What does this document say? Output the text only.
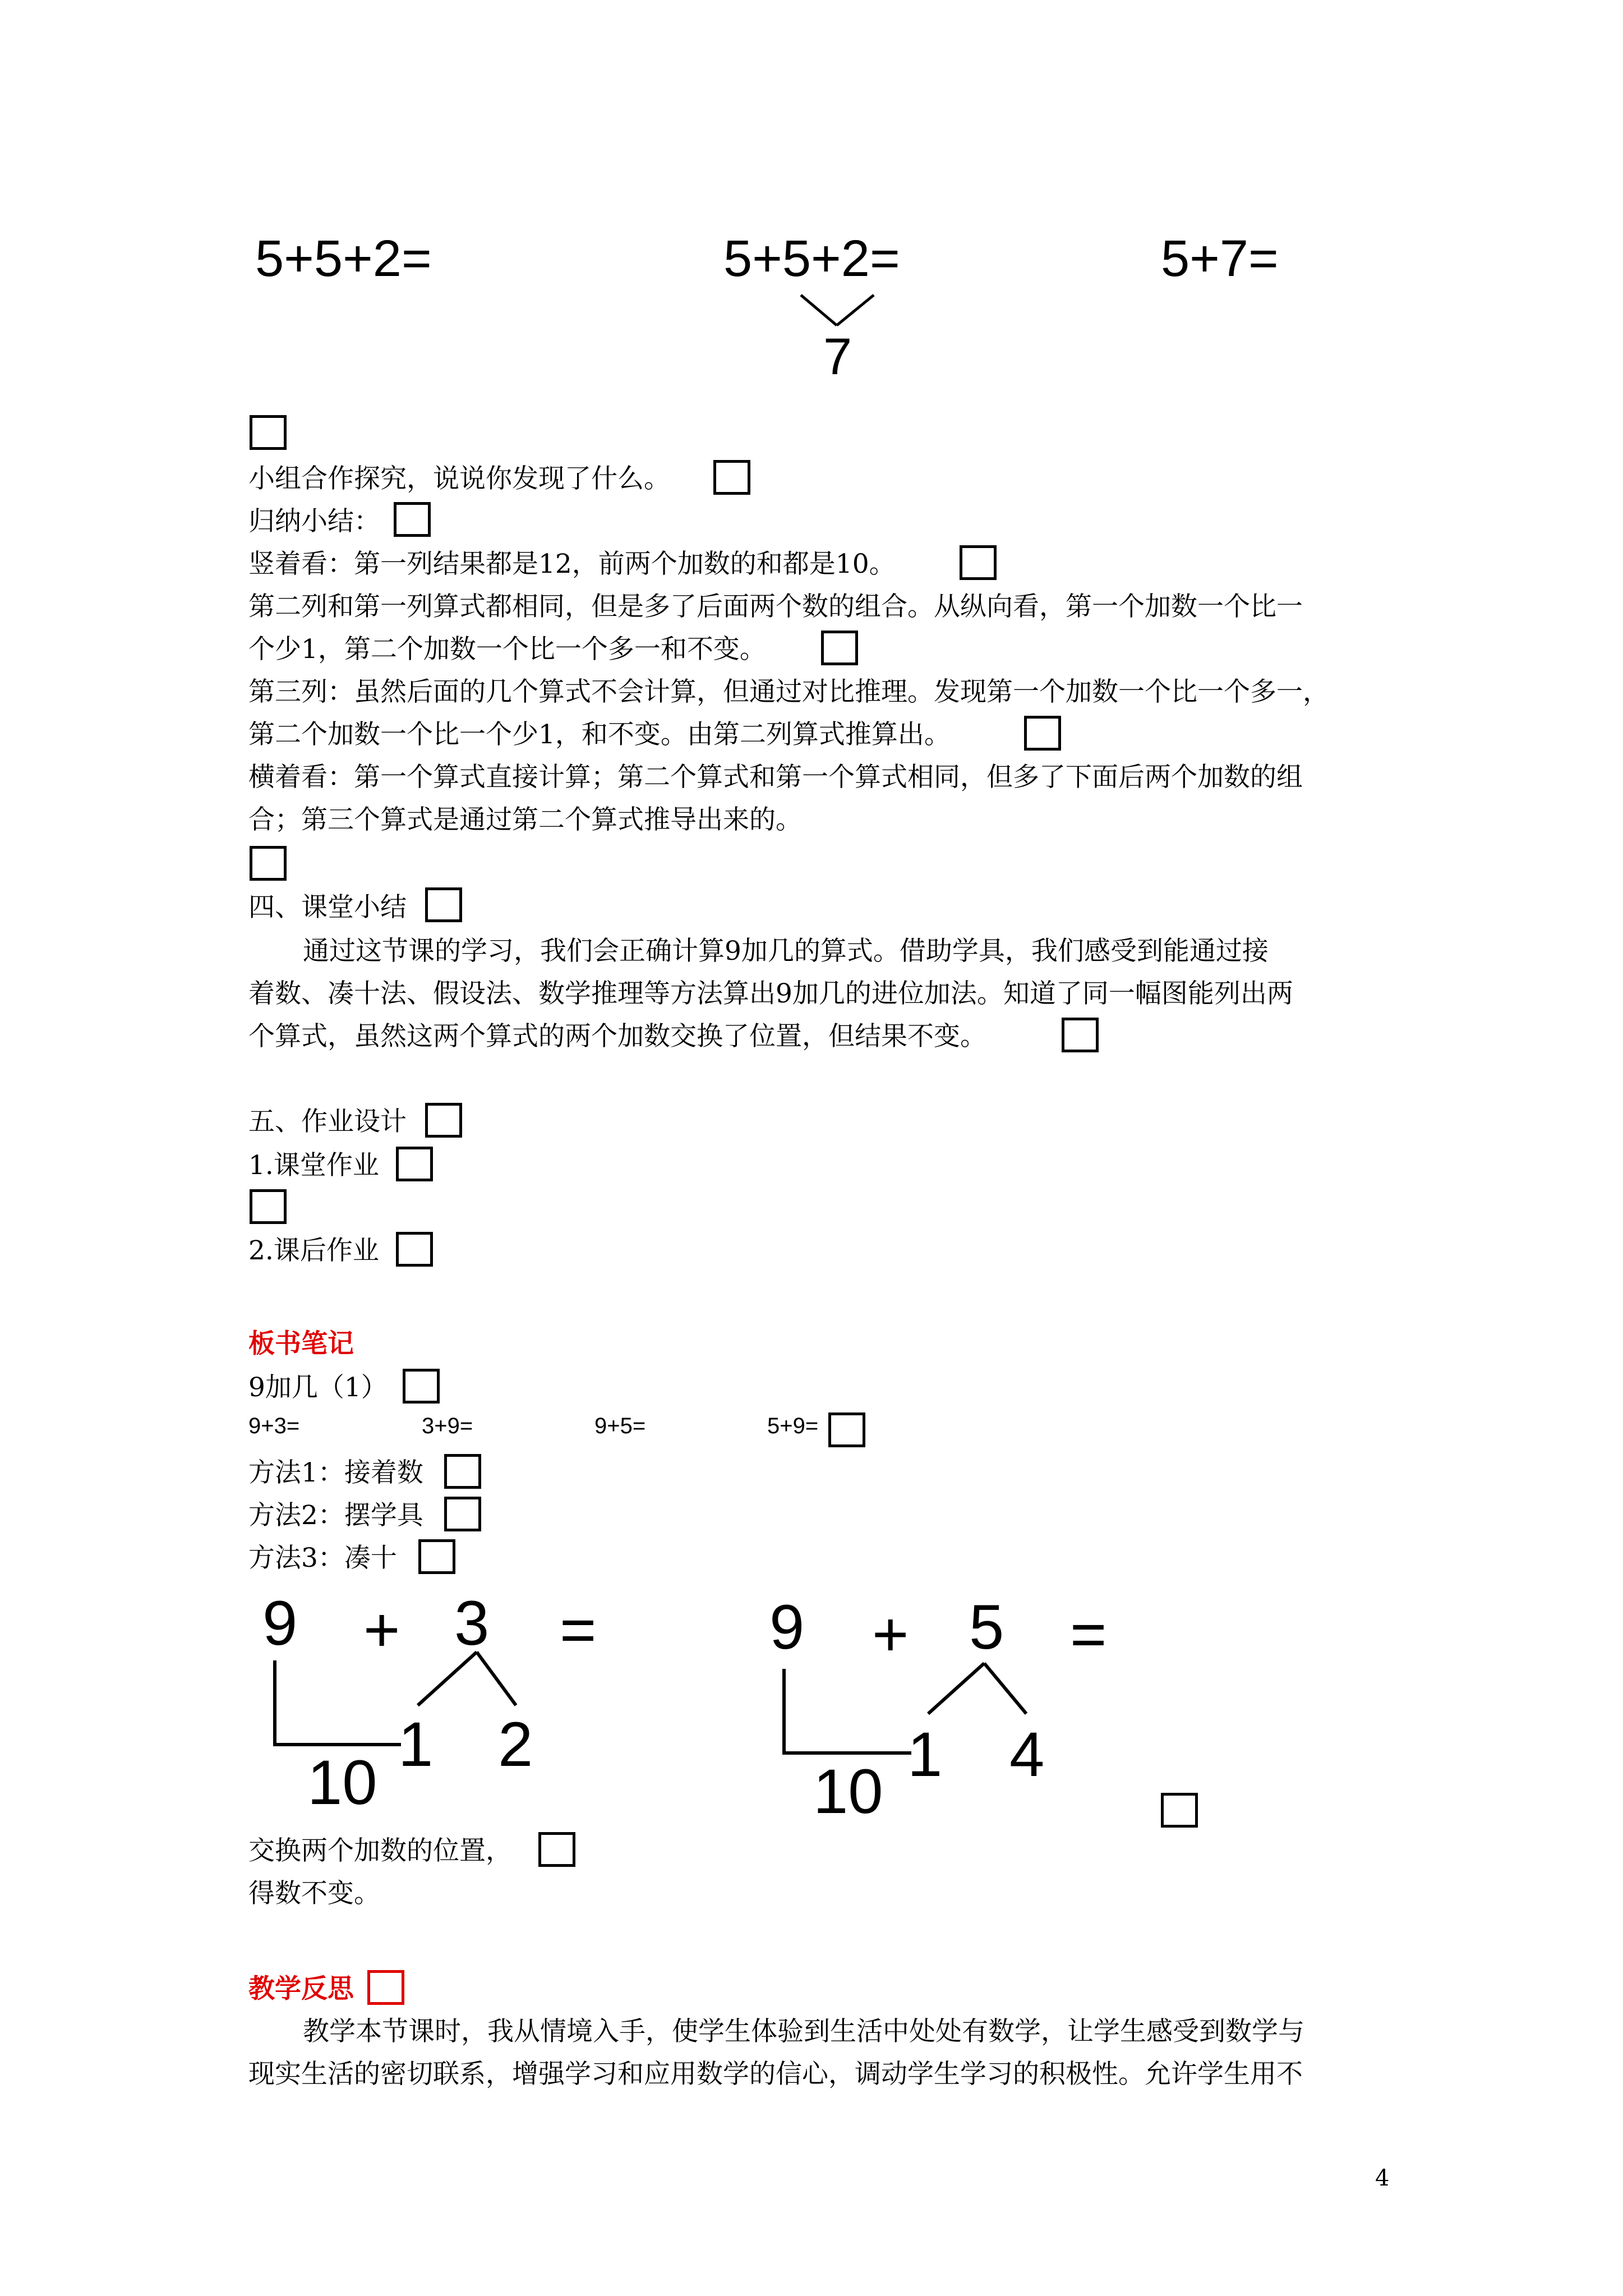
5+5+2=	5+5+2=
7
5+7=
小组合作探究，说说你发现了什么。
归纳小结：
竖着看：第一列结果都是12，前两个加数的和都是10。
第二列和第一列算式都相同，但是多了后面两个数的组合。从纵向看，第一个加数一个比一
个少1，第二个加数一个比一个多一和不变。
第三列：虽然后面的几个算式不会计算，但通过对比推理。发现第一个加数一个比一个多一，
第二个加数一个比一个少1，和不变。由第二列算式推算出。
横着看：第一个算式直接计算；第二个算式和第一个算式相同，但多了下面后两个加数的组
合；第三个算式是通过第二个算式推导出来的。
四、课堂小结
通过这节课的学习，我们会正确计算9加几的算式。借助学具，我们感受到能通过接
着数、凑十法、假设法、数学推理等方法算出9加几的进位加法。知道了同一幅图能列出两
个算式，虽然这两个算式的两个加数交换了位置，但结果不变。
五、作业设计
1.课堂作业
2.课后作业
板书笔记
9加几（1）
9+3=	3+9=	9+5=	5+9=
方法1：接着数
方法2：摆学具
方法3：凑十
9 + 3 =
1 2
10
9 + 5 =
1 4
10
交换两个加数的位置，
得数不变。
教学反思
教学本节课时，我从情境入手，使学生体验到生活中处处有数学，让学生感受到数学与
现实生活的密切联系，增强学习和应用数学的信心，调动学生学习的积极性。允许学生用不
4
